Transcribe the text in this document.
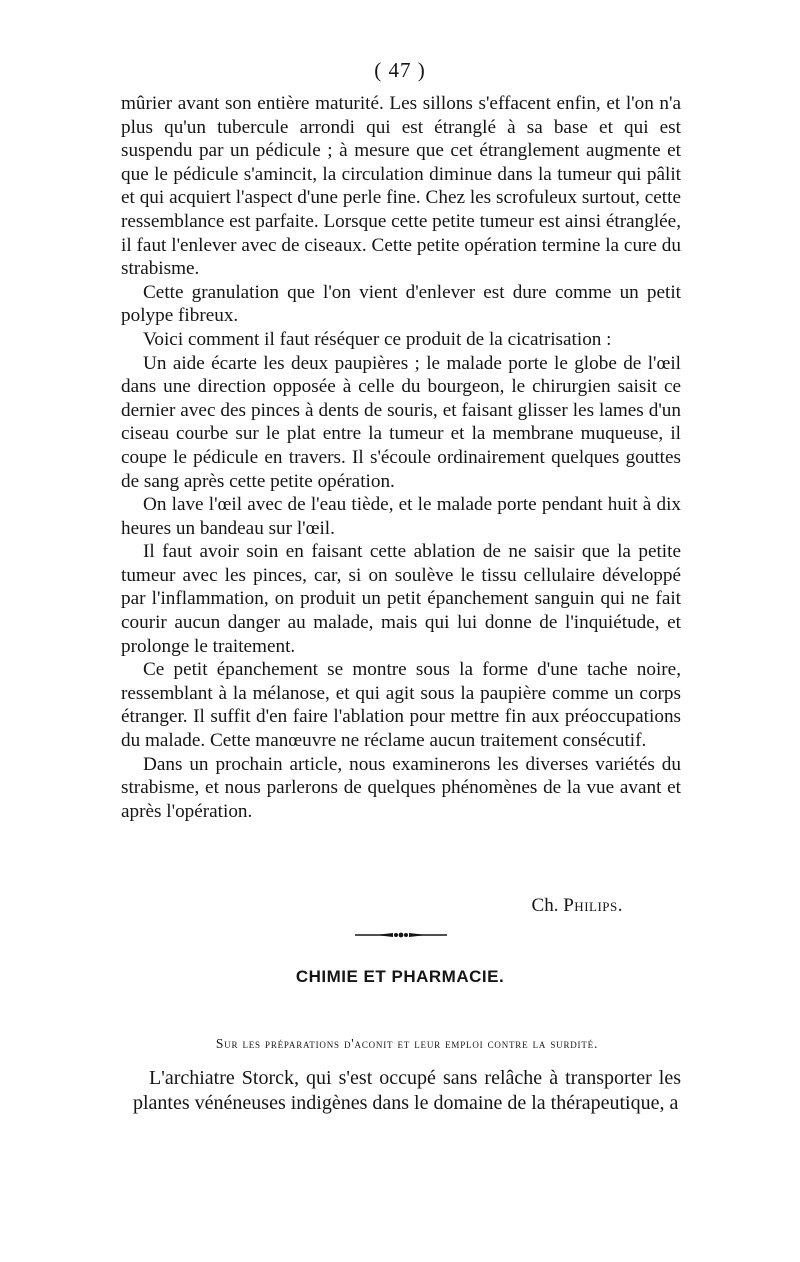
( 47 )

mûrier avant son entière maturité. Les sillons s'effacent enfin, et l'on n'a plus qu'un tubercule arrondi qui est étranglé à sa base et qui est suspendu par un pédicule ; à mesure que cet étranglement augmente et que le pédicule s'amincit, la circulation diminue dans la tumeur qui pâlit et qui acquiert l'aspect d'une perle fine. Chez les scrofuleux surtout, cette ressemblance est parfaite. Lorsque cette petite tumeur est ainsi étranglée, il faut l'enlever avec de ciseaux. Cette petite opération termine la cure du strabisme.

Cette granulation que l'on vient d'enlever est dure comme un petit polype fibreux.

Voici comment il faut réséquer ce produit de la cicatrisation :

Un aide écarte les deux paupières ; le malade porte le globe de l'œil dans une direction opposée à celle du bourgeon, le chirurgien saisit ce dernier avec des pinces à dents de souris, et faisant glisser les lames d'un ciseau courbe sur le plat entre la tumeur et la membrane muqueuse, il coupe le pédicule en travers. Il s'écoule ordinairement quelques gouttes de sang après cette petite opération.

On lave l'œil avec de l'eau tiède, et le malade porte pendant huit à dix heures un bandeau sur l'œil.

Il faut avoir soin en faisant cette ablation de ne saisir que la petite tumeur avec les pinces, car, si on soulève le tissu cellulaire développé par l'inflammation, on produit un petit épanchement sanguin qui ne fait courir aucun danger au malade, mais qui lui donne de l'inquiétude, et prolonge le traitement.

Ce petit épanchement se montre sous la forme d'une tache noire, ressemblant à la mélanose, et qui agit sous la paupière comme un corps étranger. Il suffit d'en faire l'ablation pour mettre fin aux préoccupations du malade. Cette manœuvre ne réclame aucun traitement consécutif.

Dans un prochain article, nous examinerons les diverses variétés du strabisme, et nous parlerons de quelques phénomènes de la vue avant et après l'opération.

Ch. Philips.
CHIMIE ET PHARMACIE.
Sur les préparations d'aconit et leur emploi contre la surdité.

L'archiatre Storck, qui s'est occupé sans relâche à transporter les plantes vénéneuses indigènes dans le domaine de la thérapeutique, a
